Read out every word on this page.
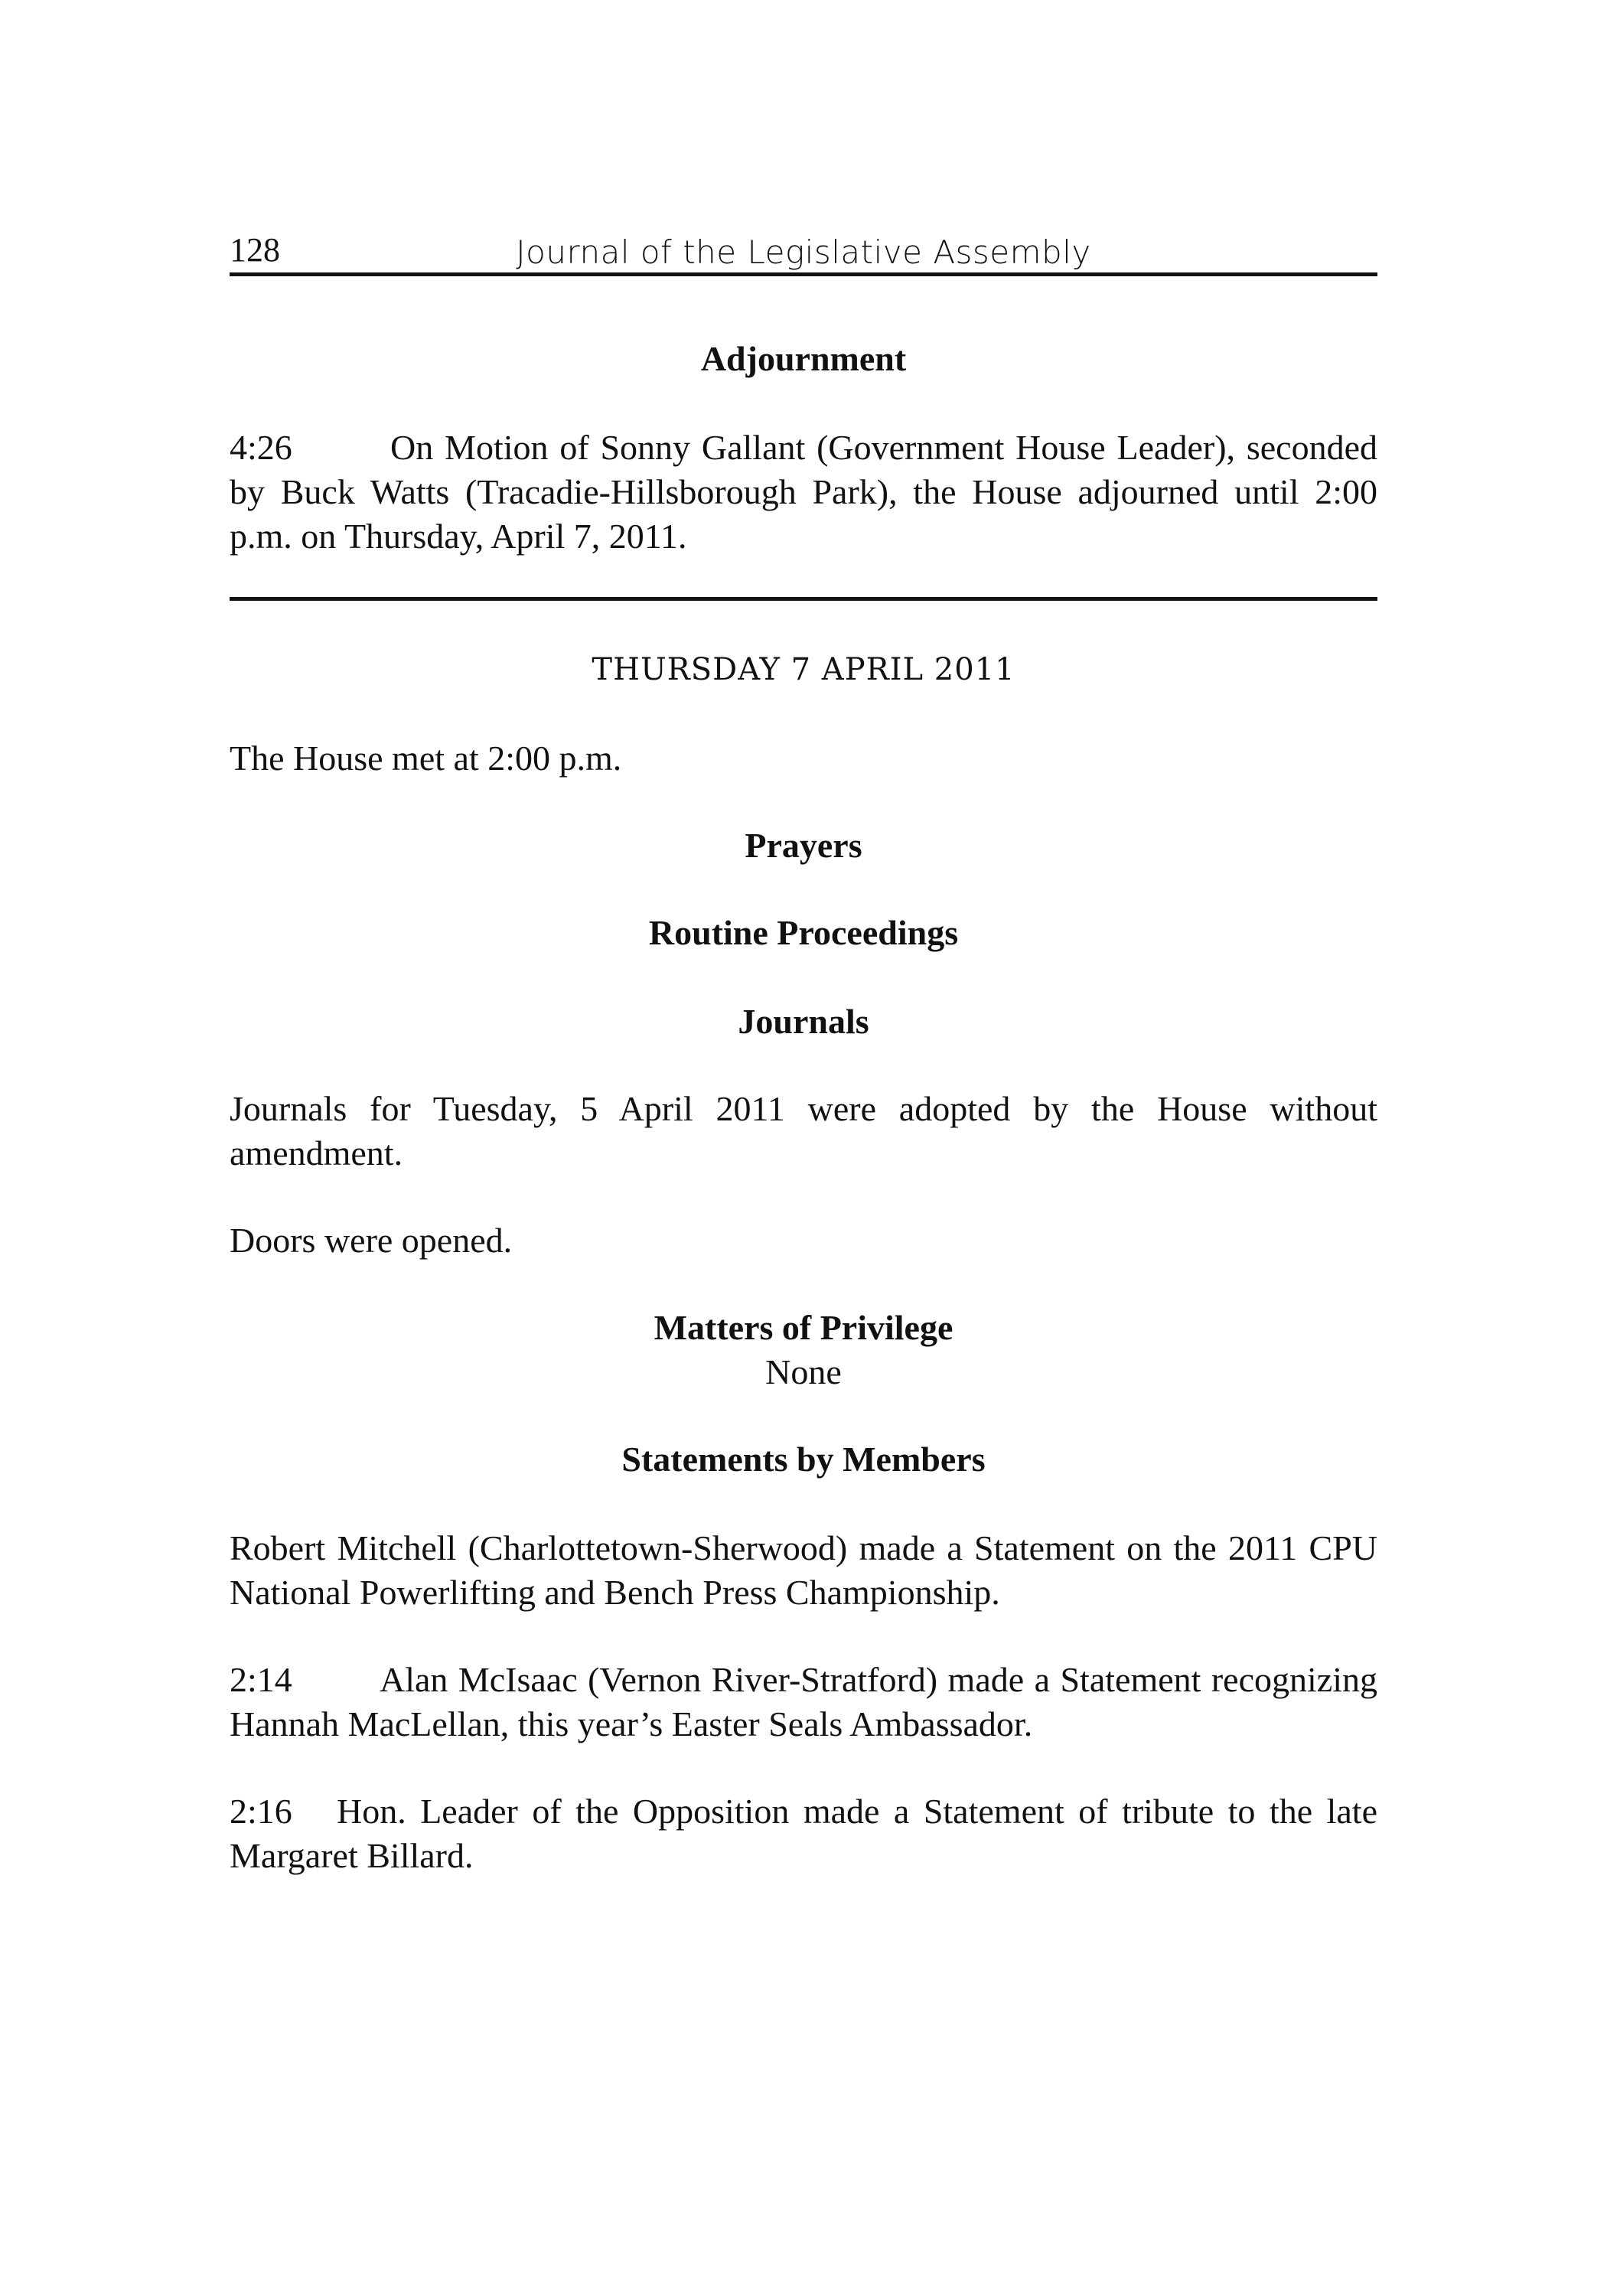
128	Journal of the Legislative Assembly
Adjournment
4:26	On Motion of Sonny Gallant (Government House Leader), seconded by Buck Watts (Tracadie-Hillsborough Park), the House adjourned until 2:00 p.m. on Thursday, April 7, 2011.
THURSDAY 7 APRIL 2011
The House met at 2:00 p.m.
Prayers
Routine Proceedings
Journals
Journals for Tuesday, 5 April 2011 were adopted by the House without amendment.
Doors were opened.
Matters of Privilege
None
Statements by Members
Robert Mitchell (Charlottetown-Sherwood) made a Statement on the 2011 CPU National Powerlifting and Bench Press Championship.
2:14 Alan McIsaac (Vernon River-Stratford) made a Statement recognizing Hannah MacLellan, this year’s Easter Seals Ambassador.
2:16 Hon. Leader of the Opposition made a Statement of tribute to the late Margaret Billard.
